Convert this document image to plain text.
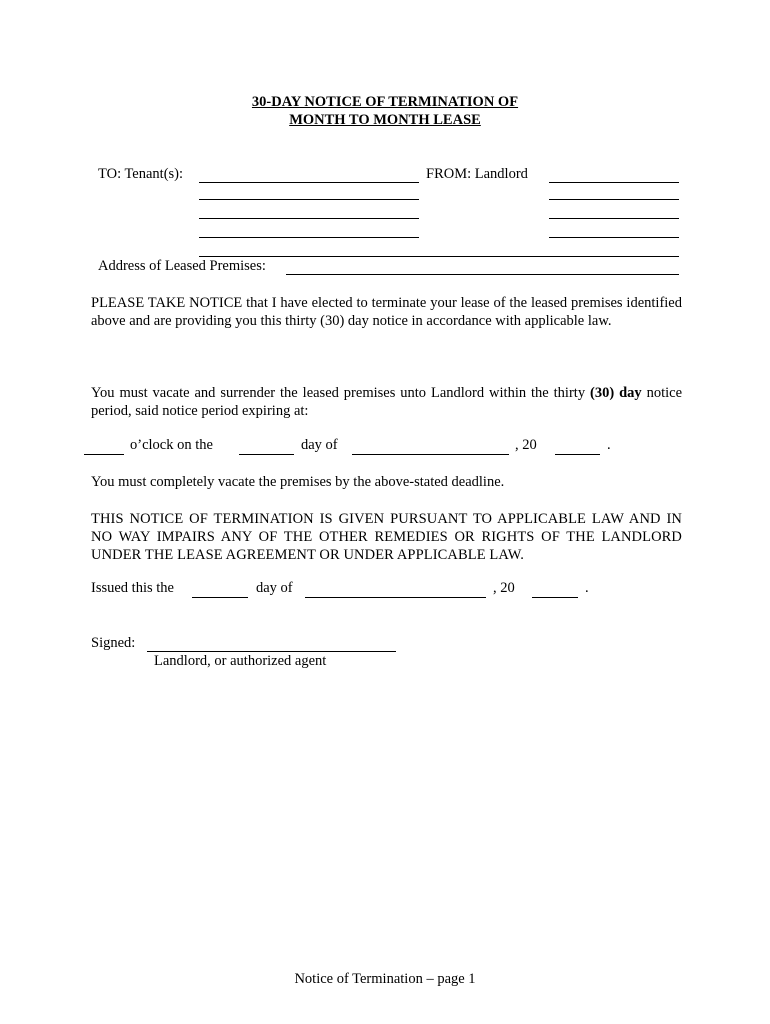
30-DAY NOTICE OF TERMINATION OF
MONTH TO MONTH LEASE
TO: Tenant(s):	FROM: Landlord
Address of Leased Premises:
PLEASE TAKE NOTICE that I have elected to terminate your lease of the leased premises identified above and are providing you this thirty (30) day notice in accordance with applicable law.
You must vacate and surrender the leased premises unto Landlord within the thirty (30) day notice period, said notice period expiring at:
o’clock on the	day of	, 20	.
You must completely vacate the premises by the above-stated deadline.
THIS NOTICE OF TERMINATION IS GIVEN PURSUANT TO APPLICABLE LAW AND IN NO WAY IMPAIRS ANY OF THE OTHER REMEDIES OR RIGHTS OF THE LANDLORD UNDER THE LEASE AGREEMENT OR UNDER APPLICABLE LAW.
Issued this the	day of	, 20	.
Signed:
Landlord, or authorized agent
Notice of Termination – page 1
